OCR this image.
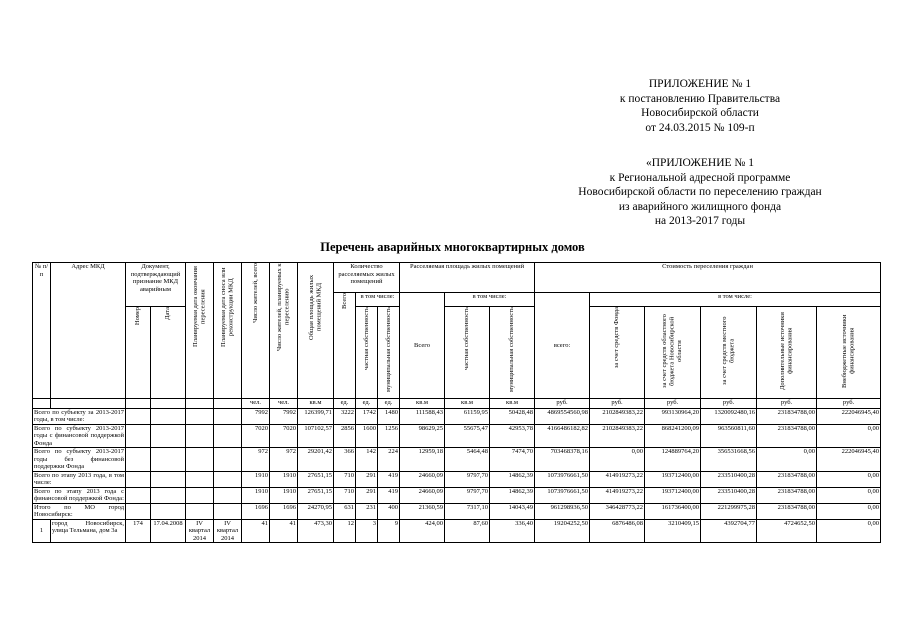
ПРИЛОЖЕНИЕ № 1
к постановлению Правительства
Новосибирской области
от 24.03.2015 № 109-п
«ПРИЛОЖЕНИЕ № 1
к Региональной адресной программе
Новосибирской области по переселению граждан
из аварийного жилищного фонда
на 2013-2017 годы
Перечень аварийных многоквартирных домов
№ п/п	Адрес МКД	Документ, подтверждающий признание МКД аварийным		Планируемая дата окончания переселения	Планируемая дата сноса или реконструкции МКД	Число жителей, всего	Число жителей, планируемых к переселению	Общая площадь жилых помещений МКД	Количество расселяемых жилых помещений			Расселяемая площадь жилых помещений			Стоимость переселения граждан					
									Всего	в том числе:		Всего	в том числе:		всего:	в том числе:				
		Номер	Дата							частная собственность	муниципальная собственность		частная собственность	муниципальная собственность		за счет средств Фонда	за счет средств областного бюджета Новосибирской области	за счет средств местного бюджета	Дополнительные источники финансирования	Внебюджетные источники финансирования
						чел.	чел.	кв.м	ед.	ед.	ед.	кв.м	кв.м	кв.м	руб.	руб.	руб.	руб.	руб.	руб.
Всего по субъекту за 2013-2017 годы, в том числе:						7992	7992	126399,71	3222	1742	1480	111588,43	61159,95	50428,48	4869554560,98	2102849383,22	993130964,20	1320092480,16	231834788,00	222046945,40
Всего по субъекту 2013-2017 годы с финансовой поддержкой Фонда						7020	7020	107102,57	2856	1600	1256	98629,25	55675,47	42953,78	4166486182,82	2102849383,22	868241200,09	963560811,60	231834788,00	0,00
Всего по субъекту 2013-2017 годы без финансовой поддержки Фонда						972	972	29201,42	366	142	224	12959,18	5464,48	7474,70	703468378,16	0,00	124889764,20	356531668,56	0,00	222046945,40
Всего по этапу 2013 года, в том числе:						1910	1910	27651,15	710	291	419	24660,09	9797,70	14862,39	1073976661,50	414919273,22	193712400,00	233510400,28	231834788,00	0,00
Всего по этапу 2013 года с финансовой поддержкой Фонда:						1910	1910	27651,15	710	291	419	24660,09	9797,70	14862,39	1073976661,50	414919273,22	193712400,00	233510400,28	231834788,00	0,00
Итого по МО город Новосибирск:						1696	1696	24270,95	631	231	400	21360,59	7317,10	14043,49	961298936,50	346428773,22	161736400,00	221299975,28	231834788,00	0,00
1	город Новосибирск, улица Тельмана, дом 3а	174	17.04.2008	IV квартал 2014	IV квартал 2014	41	41	473,30	12	3	9	424,00	87,60	336,40	19204252,50	6876486,08	3210409,15	4392704,77	4724652,50	0,00
